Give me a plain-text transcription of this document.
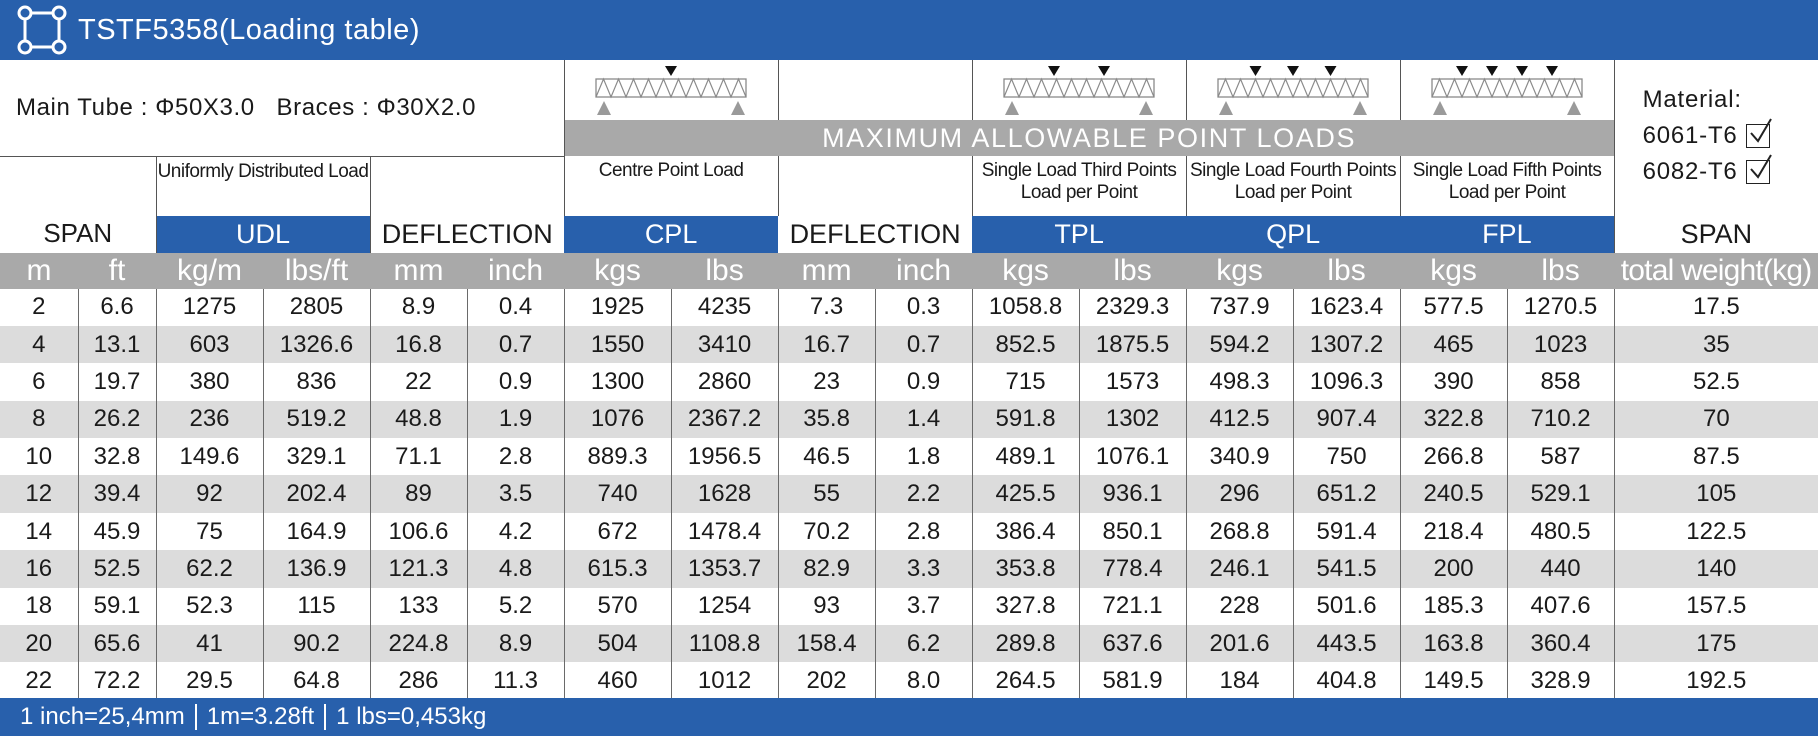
TSTF5358(Loading table)
Main Tube : Φ50X3.0 Braces : Φ30X2.0																Material:
6061-T6
6082-T6

						MAXIMUM ALLOWABLE POINT LOADS										
SPAN		Uniformly Distributed Load				Centre Point Load				Single Load Third Points Load per Point		Single Load Fourth Points Load per Point		Single Load Fifth Points Load per Point		
		UDL		DEFLECTION		CPL		DEFLECTION		TPL		QPL		FPL		SPAN
m	ft	kg/m	lbs/ft	mm	inch	kgs	lbs	mm	inch	kgs	lbs	kgs	lbs	kgs	lbs	total weight(kg)
2	6.6	1275	2805	8.9	0.4	1925	4235	7.3	0.3	1058.8	2329.3	737.9	1623.4	577.5	1270.5	17.5
4	13.1	603	1326.6	16.8	0.7	1550	3410	16.7	0.7	852.5	1875.5	594.2	1307.2	465	1023	35
6	19.7	380	836	22	0.9	1300	2860	23	0.9	715	1573	498.3	1096.3	390	858	52.5
8	26.2	236	519.2	48.8	1.9	1076	2367.2	35.8	1.4	591.8	1302	412.5	907.4	322.8	710.2	70
10	32.8	149.6	329.1	71.1	2.8	889.3	1956.5	46.5	1.8	489.1	1076.1	340.9	750	266.8	587	87.5
12	39.4	92	202.4	89	3.5	740	1628	55	2.2	425.5	936.1	296	651.2	240.5	529.1	105
14	45.9	75	164.9	106.6	4.2	672	1478.4	70.2	2.8	386.4	850.1	268.8	591.4	218.4	480.5	122.5
16	52.5	62.2	136.9	121.3	4.8	615.3	1353.7	82.9	3.3	353.8	778.4	246.1	541.5	200	440	140
18	59.1	52.3	115	133	5.2	570	1254	93	3.7	327.8	721.1	228	501.6	185.3	407.6	157.5
20	65.6	41	90.2	224.8	8.9	504	1108.8	158.4	6.2	289.8	637.6	201.6	443.5	163.8	360.4	175
22	72.2	29.5	64.8	286	11.3	460	1012	202	8.0	264.5	581.9	184	404.8	149.5	328.9	192.5
1 inch=25,4mm 1m=3.28ft 1 lbs=0,453kg
